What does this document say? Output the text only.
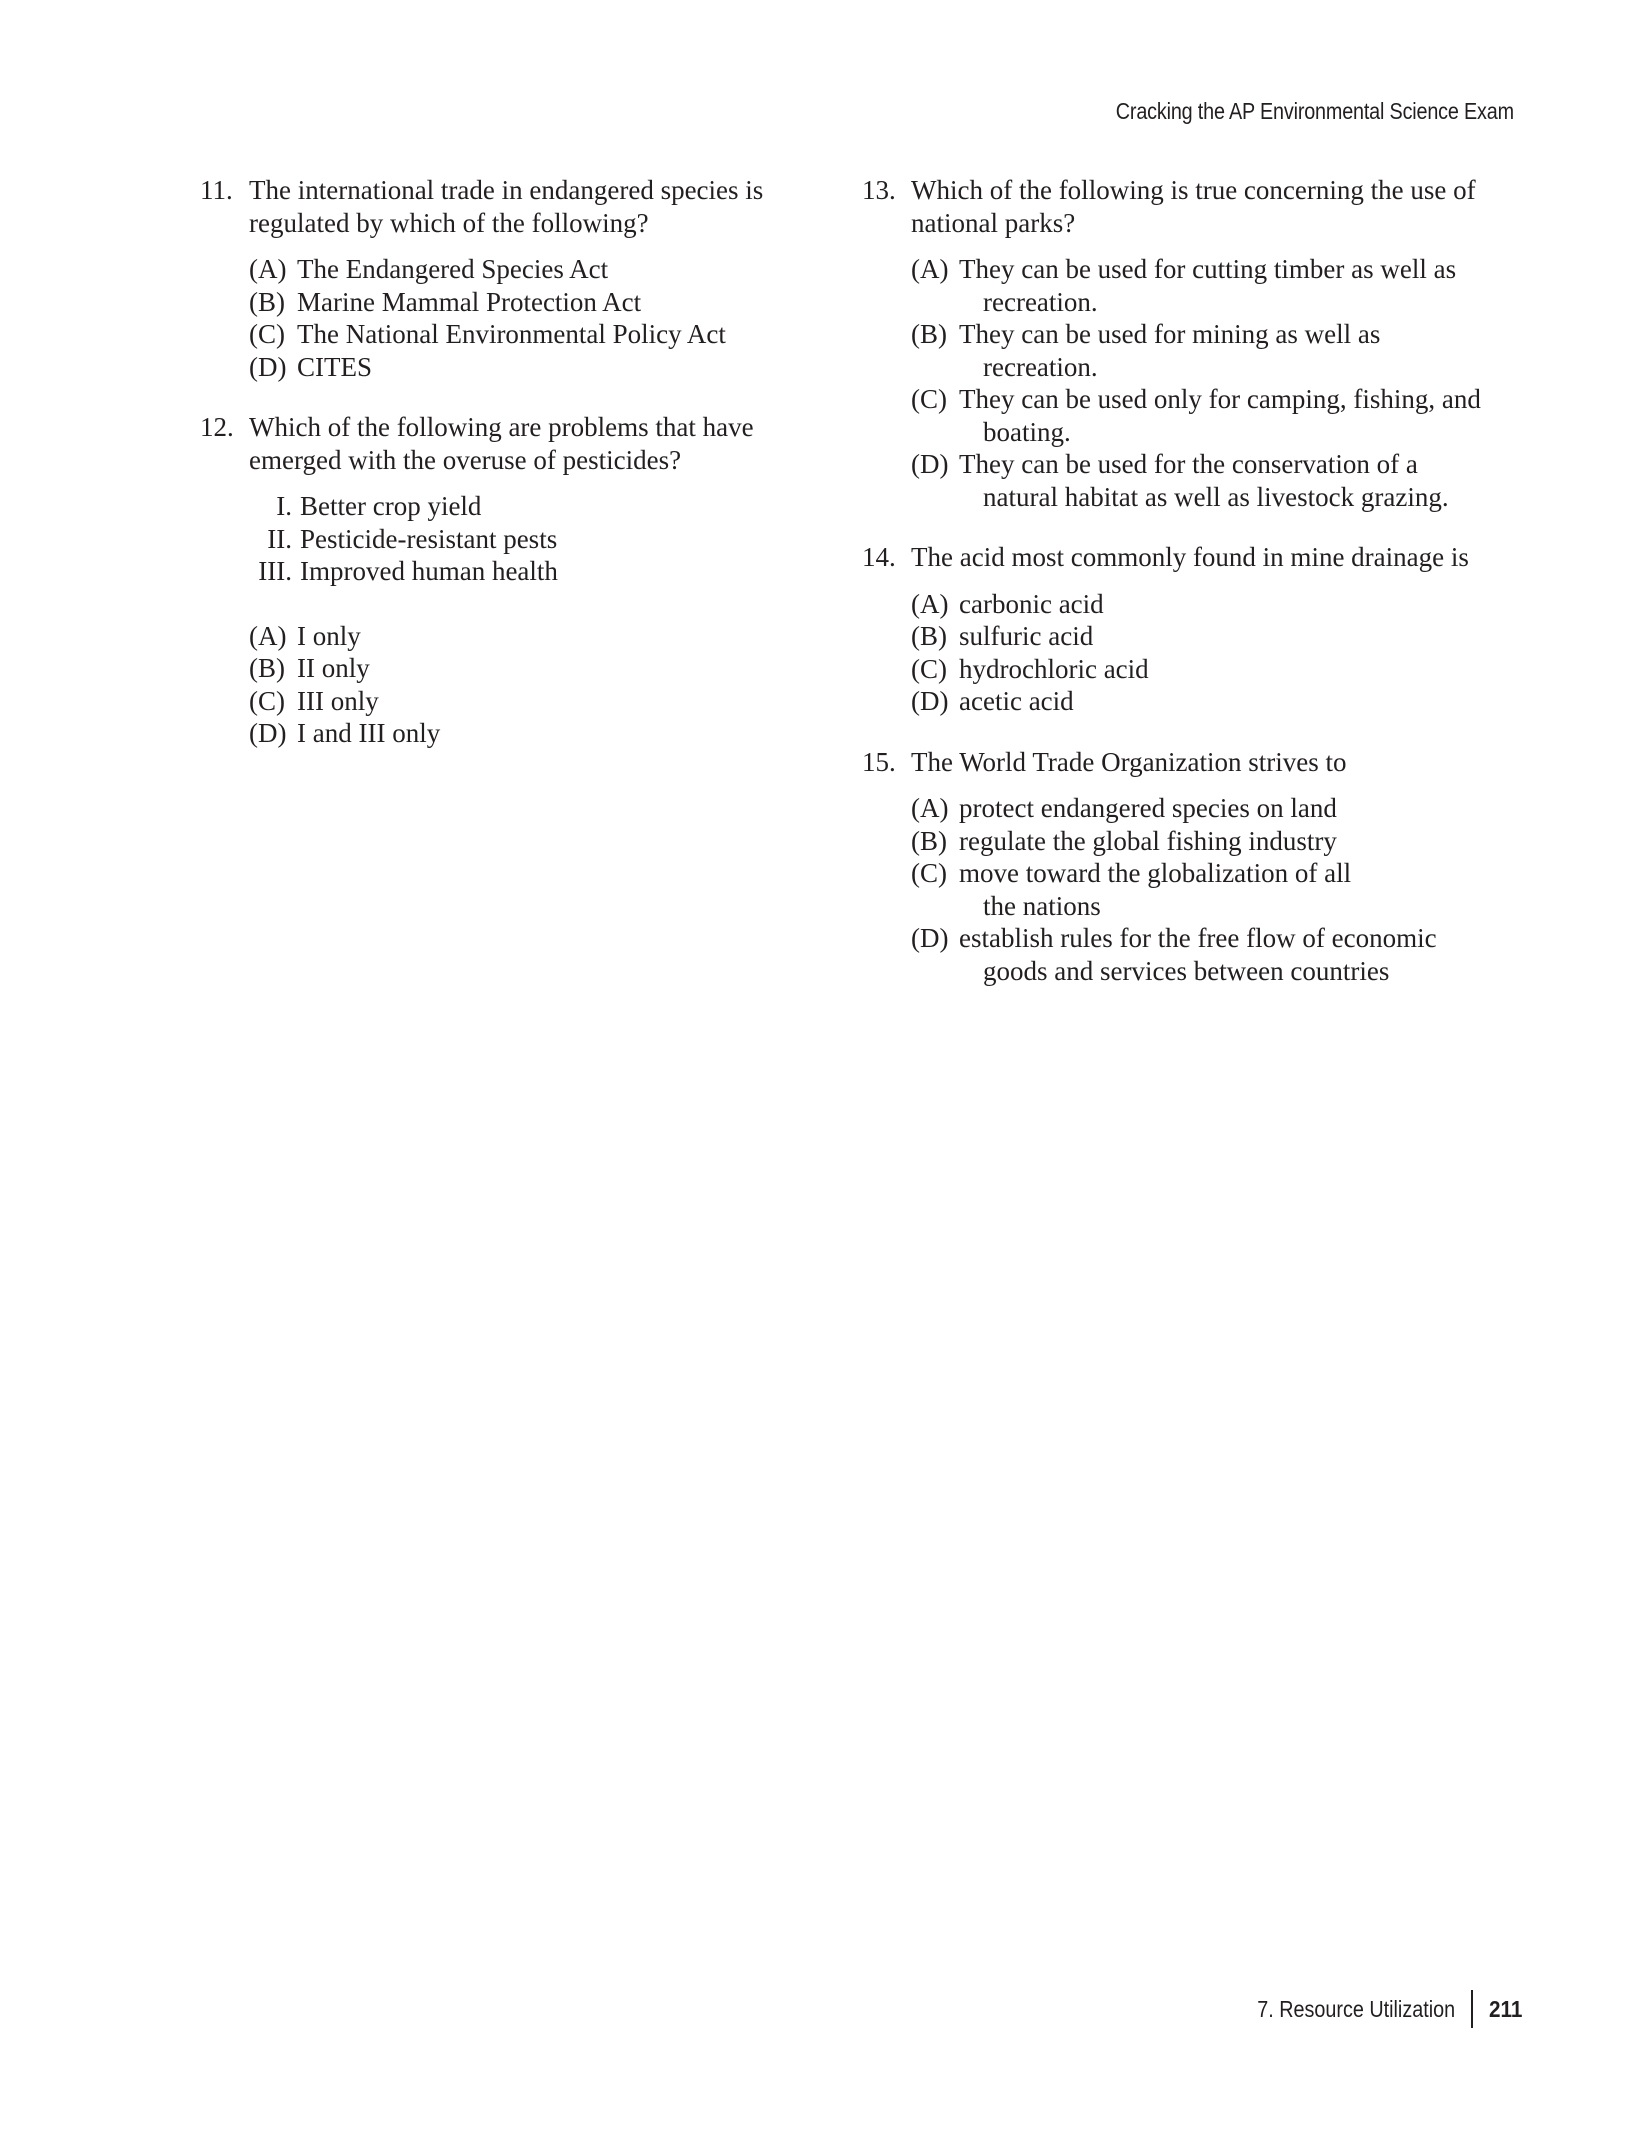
Cracking the AP Environmental Science Exam
11. The international trade in endangered species is regulated by which of the following?
(A) The Endangered Species Act
(B) Marine Mammal Protection Act
(C) The National Environmental Policy Act
(D) CITES
12. Which of the following are problems that have emerged with the overuse of pesticides?
I. Better crop yield
II. Pesticide-resistant pests
III. Improved human health
(A) I only
(B) II only
(C) III only
(D) I and III only
13. Which of the following is true concerning the use of national parks?
(A) They can be used for cutting timber as well as
recreation.
(B) They can be used for mining as well as
recreation.
(C) They can be used only for camping, fishing, and
boating.
(D) They can be used for the conservation of a
natural habitat as well as livestock grazing.
14. The acid most commonly found in mine drainage is
(A) carbonic acid
(B) sulfuric acid
(C) hydrochloric acid
(D) acetic acid
15. The World Trade Organization strives to
(A) protect endangered species on land
(B) regulate the global fishing industry
(C) move toward the globalization of all
the nations
(D) establish rules for the free flow of economic
goods and services between countries
7. Resource Utilization 211
